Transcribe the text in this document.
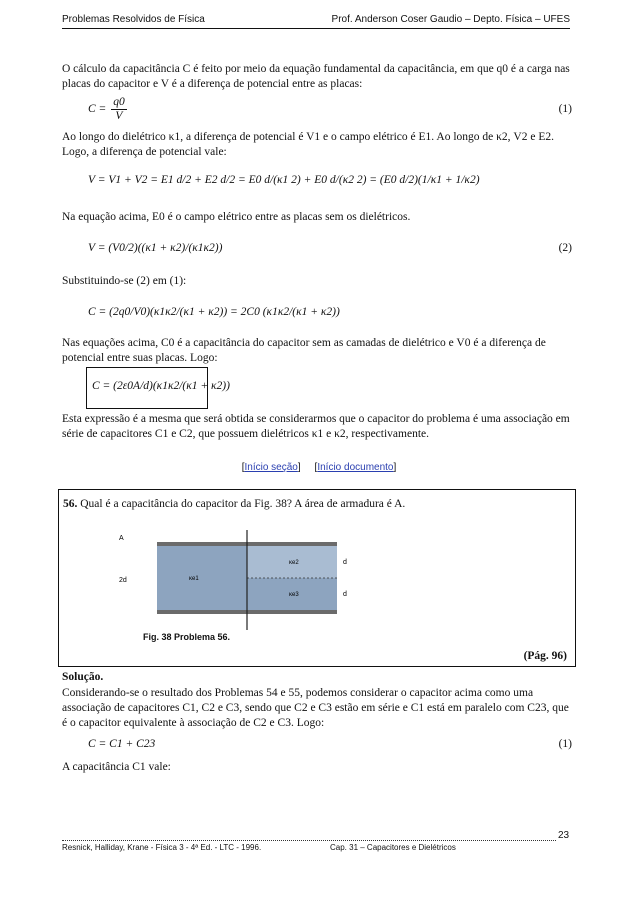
Problemas Resolvidos de Física	Prof. Anderson Coser Gaudio – Depto. Física – UFES
O cálculo da capacitância C é feito por meio da equação fundamental da capacitância, em que q0 é a carga nas placas do capacitor e V é a diferença de potencial entre as placas:
$C = \frac{q0}{V}$	(1)
Ao longo do dielétrico κ1, a diferença de potencial é V1 e o campo elétrico é E1. Ao longo de κ2, V2 e E2. Logo, a diferença de potencial vale:
V = V1 + V2 = E1 d/2 + E2 d/2 = E0 d/(κ1 2) + E0 d/(κ2 2) = (E0 d/2)(1/κ1 + 1/κ2)
Na equação acima, E0 é o campo elétrico entre as placas sem os dielétricos.
V = (V0/2)((κ1 + κ2)/(κ1κ2))	(2)
Substituindo-se (2) em (1):
C = (2q0/V0)(κ1κ2/(κ1 + κ2)) = 2C0 (κ1κ2/(κ1 + κ2))
Nas equações acima, C0 é a capacitância do capacitor sem as camadas de dielétrico e V0 é a diferença de potencial entre suas placas. Logo:
C = (2ε0A/d)(κ1κ2/(κ1 + κ2))
Esta expressão é a mesma que será obtida se considerarmos que o capacitor do problema é uma associação em série de capacitores C1 e C2, que possuem dielétricos κ1 e κ2, respectivamente.
[Início seção]     [Início documento]
56. Qual é a capacitância do capacitor da Fig. 38? A área de armadura é A.
A
2d	κe1
κe2
κe3
d
d
Fig. 38 Problema 56.
(Pág. 96)
Solução.
Considerando-se o resultado dos Problemas 54 e 55, podemos considerar o capacitor acima como uma associação de capacitores C1, C2 e C3, sendo que C2 e C3 estão em série e C1 está em paralelo com C23, que é o capacitor equivalente à associação de C2 e C3. Logo:
C = C1 + C23	(1)
A capacitância C1 vale:
23
Resnick, Halliday, Krane - Física 3 - 4ª Ed. - LTC - 1996.	Cap. 31 – Capacitores e Dielétricos
